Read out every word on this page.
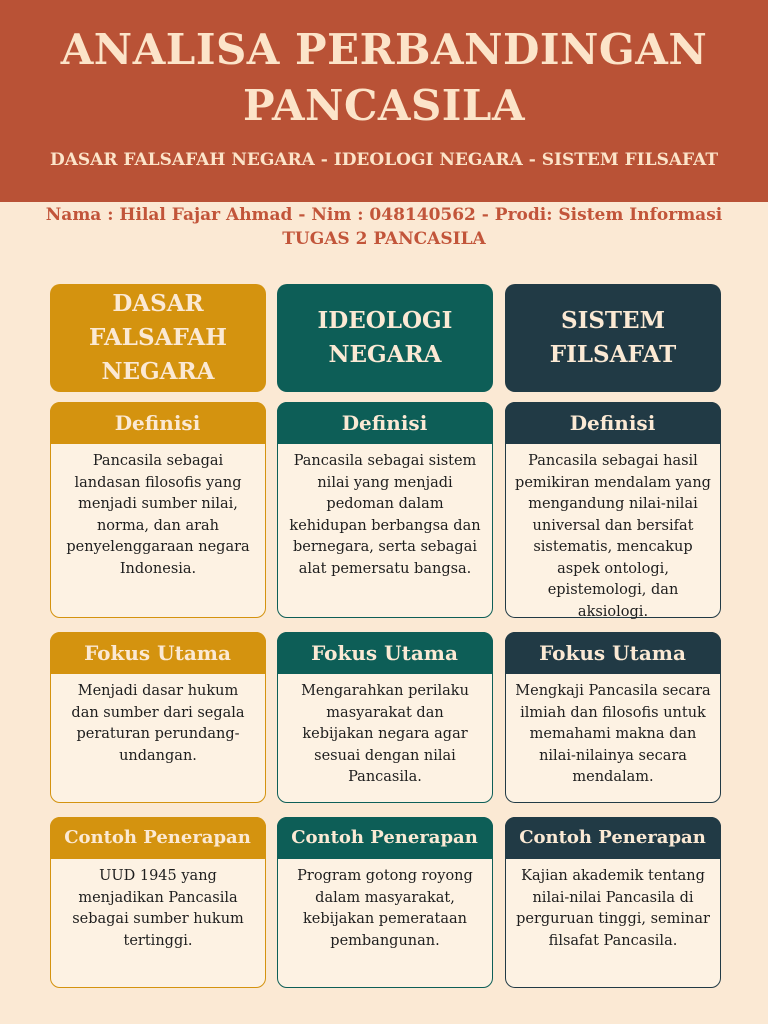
ANALISA PERBANDINGAN
PANCASILA
DASAR FALSAFAH NEGARA - IDEOLOGI NEGARA - SISTEM FILSAFAT
Nama : Hilal Fajar Ahmad - Nim : 048140562 - Prodi: Sistem Informasi
TUGAS 2 PANCASILA
DASAR FALSAFAH NEGARA
Definisi
Pancasila sebagai landasan filosofis yang menjadi sumber nilai, norma, dan arah penyelenggaraan negara Indonesia.
Fokus Utama
Menjadi dasar hukum dan sumber dari segala peraturan perundang-undangan.
Contoh Penerapan
UUD 1945 yang menjadikan Pancasila sebagai sumber hukum tertinggi.
IDEOLOGI NEGARA
Definisi
Pancasila sebagai sistem nilai yang menjadi pedoman dalam kehidupan berbangsa dan bernegara, serta sebagai alat pemersatu bangsa.
Fokus Utama
Mengarahkan perilaku masyarakat dan kebijakan negara agar sesuai dengan nilai Pancasila.
Contoh Penerapan
Program gotong royong dalam masyarakat, kebijakan pemerataan pembangunan.
SISTEM FILSAFAT
Definisi
Pancasila sebagai hasil pemikiran mendalam yang mengandung nilai-nilai universal dan bersifat sistematis, mencakup aspek ontologi, epistemologi, dan aksiologi.
Fokus Utama
Mengkaji Pancasila secara ilmiah dan filosofis untuk memahami makna dan nilai-nilainya secara mendalam.
Contoh Penerapan
Kajian akademik tentang nilai-nilai Pancasila di perguruan tinggi, seminar filsafat Pancasila.
